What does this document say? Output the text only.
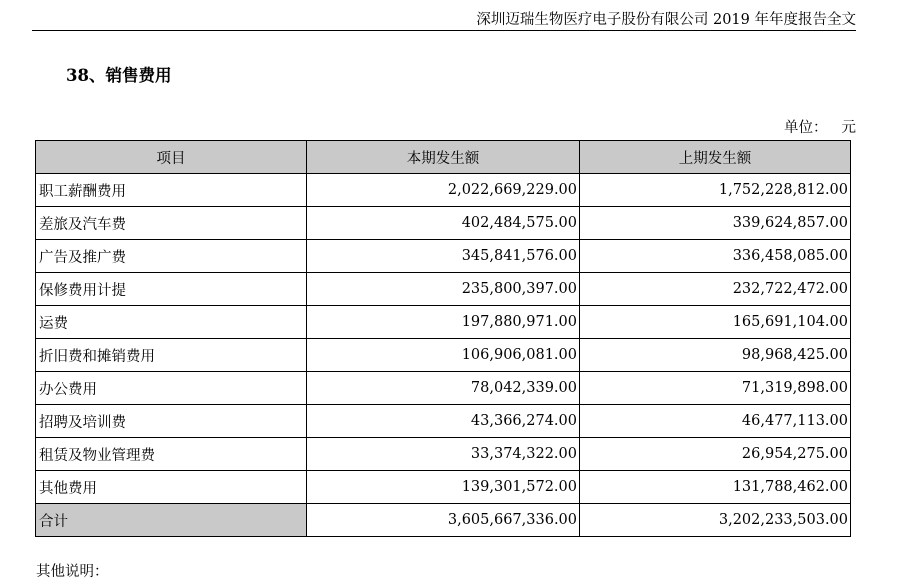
深圳迈瑞生物医疗电子股份有限公司 2019 年年度报告全文
38、销售费用
单位： 元
项目	本期发生额	上期发生额
职工薪酬费用	2,022,669,229.00	1,752,228,812.00
差旅及汽车费	402,484,575.00	339,624,857.00
广告及推广费	345,841,576.00	336,458,085.00
保修费用计提	235,800,397.00	232,722,472.00
运费	197,880,971.00	165,691,104.00
折旧费和摊销费用	106,906,081.00	98,968,425.00
办公费用	78,042,339.00	71,319,898.00
招聘及培训费	43,366,274.00	46,477,113.00
租赁及物业管理费	33,374,322.00	26,954,275.00
其他费用	139,301,572.00	131,788,462.00
合计	3,605,667,336.00	3,202,233,503.00
其他说明：
